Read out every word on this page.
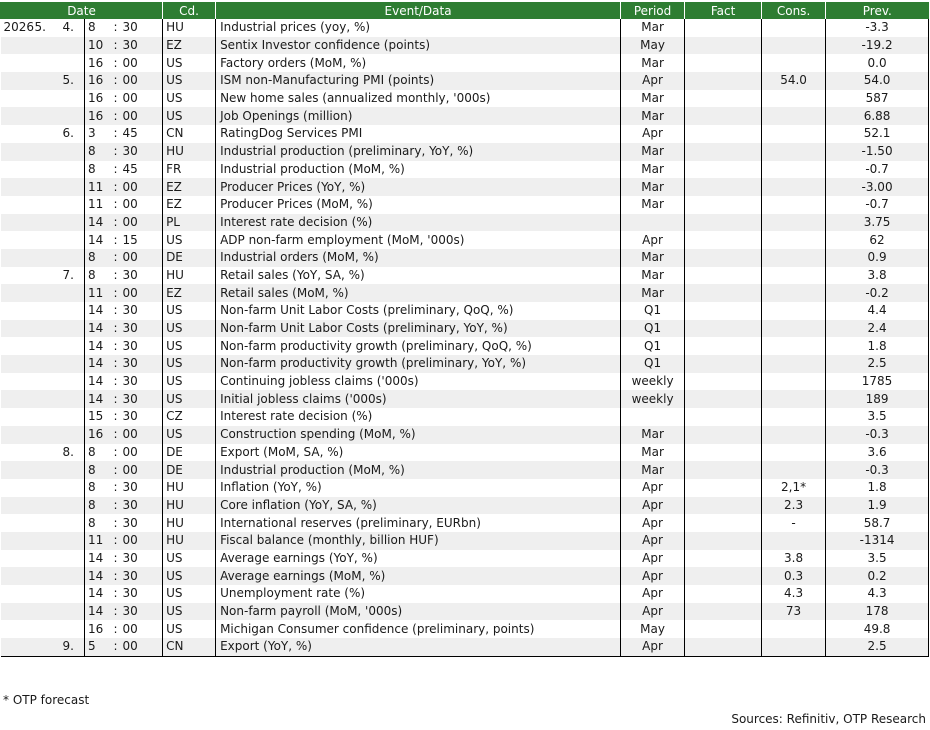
Date						Cd.	Event/Data	Period	Fact	Cons.	Prev.
2026	5.	4.	8	:	30	HU	Industrial prices (yoy, %)	Mar			-3.3
			10	:	30	EZ	Sentix Investor confidence (points)	May			-19.2
			16	:	00	US	Factory orders (MoM, %)	Mar			0.0
		5.	16	:	00	US	ISM non-Manufacturing PMI (points)	Apr		54.0	54.0
			16	:	00	US	New home sales (annualized monthly, '000s)	Mar			587
			16	:	00	US	Job Openings (million)	Mar			6.88
		6.	3	:	45	CN	RatingDog Services PMI	Apr			52.1
			8	:	30	HU	Industrial production (preliminary, YoY, %)	Mar			-1.50
			8	:	45	FR	Industrial production (MoM, %)	Mar			-0.7
			11	:	00	EZ	Producer Prices (YoY, %)	Mar			-3.00
			11	:	00	EZ	Producer Prices (MoM, %)	Mar			-0.7
			14	:	00	PL	Interest rate decision (%)				3.75
			14	:	15	US	ADP non-farm employment (MoM, '000s)	Apr			62
			8	:	00	DE	Industrial orders (MoM, %)	Mar			0.9
		7.	8	:	30	HU	Retail sales (YoY, SA, %)	Mar			3.8
			11	:	00	EZ	Retail sales (MoM, %)	Mar			-0.2
			14	:	30	US	Non-farm Unit Labor Costs (preliminary, QoQ, %)	Q1			4.4
			14	:	30	US	Non-farm Unit Labor Costs (preliminary, YoY, %)	Q1			2.4
			14	:	30	US	Non-farm productivity growth (preliminary, QoQ, %)	Q1			1.8
			14	:	30	US	Non-farm productivity growth (preliminary, YoY, %)	Q1			2.5
			14	:	30	US	Continuing jobless claims ('000s)	weekly			1785
			14	:	30	US	Initial jobless claims ('000s)	weekly			189
			15	:	30	CZ	Interest rate decision (%)				3.5
			16	:	00	US	Construction spending (MoM, %)	Mar			-0.3
		8.	8	:	00	DE	Export (MoM, SA, %)	Mar			3.6
			8	:	00	DE	Industrial production (MoM, %)	Mar			-0.3
			8	:	30	HU	Inflation (YoY, %)	Apr		2,1*	1.8
			8	:	30	HU	Core inflation (YoY, SA, %)	Apr		2.3	1.9
			8	:	30	HU	International reserves (preliminary, EURbn)	Apr		-	58.7
			11	:	00	HU	Fiscal balance (monthly, billion HUF)	Apr			-1314
			14	:	30	US	Average earnings (YoY, %)	Apr		3.8	3.5
			14	:	30	US	Average earnings (MoM, %)	Apr		0.3	0.2
			14	:	30	US	Unemployment rate (%)	Apr		4.3	4.3
			14	:	30	US	Non-farm payroll (MoM, '000s)	Apr		73	178
			16	:	00	US	Michigan Consumer confidence (preliminary, points)	May			49.8
		9.	5	:	00	CN	Export (YoY, %)	Apr			2.5
* OTP forecast
Sources: Refinitiv, OTP Research
